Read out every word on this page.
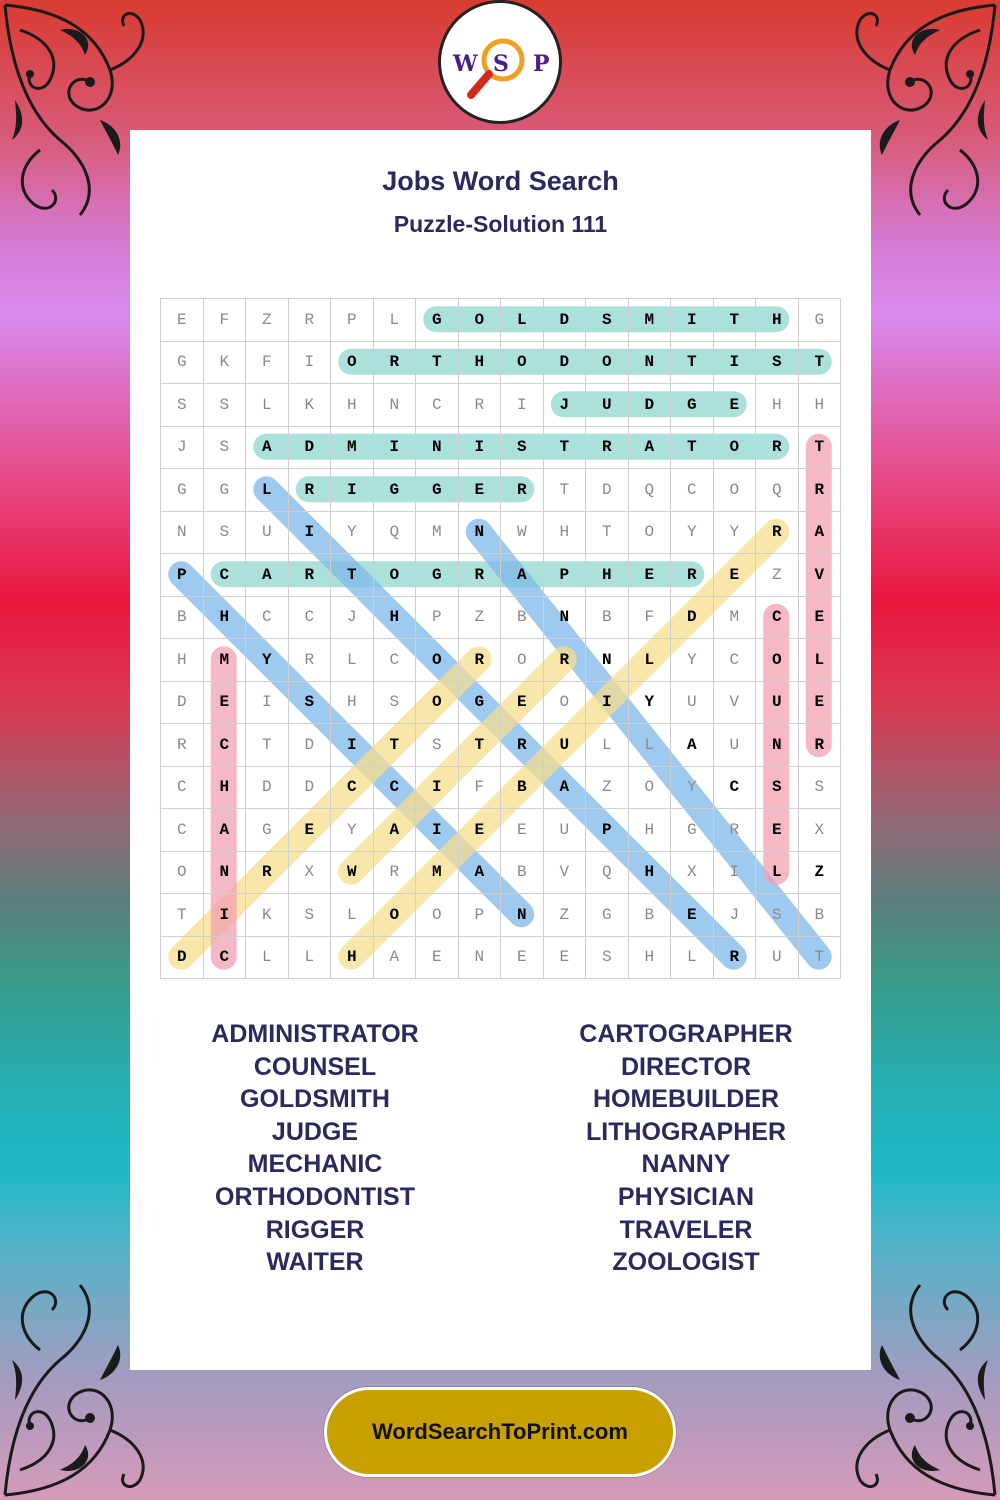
W S P
Jobs Word Search
Puzzle-Solution 111
E	F	Z	R	P	L	G	O	L	D	S	M	I	T	H	G
G	K	F	I	O	R	T	H	O	D	O	N	T	I	S	T
S	S	L	K	H	N	C	R	I	J	U	D	G	E	H	H
J	S	A	D	M	I	N	I	S	T	R	A	T	O	R	T
G	G	L	R	I	G	G	E	R	T	D	Q	C	O	Q	R
N	S	U	I	Y	Q	M	N	W	H	T	O	Y	Y	R	A
P	C	A	R	T	O	G	R	A	P	H	E	R	E	Z	V
B	H	C	C	J	H	P	Z	B	N	B	F	D	M	C	E
H	M	Y	R	L	C	O	R	O	R	N	L	Y	C	O	L
D	E	I	S	H	S	O	G	E	O	I	Y	U	V	U	E
R	C	T	D	I	T	S	T	R	U	L	L	A	U	N	R
C	H	D	D	C	C	I	F	B	A	Z	O	Y	C	S	S
C	A	G	E	Y	A	I	E	E	U	P	H	G	R	E	X
O	N	R	X	W	R	M	A	B	V	Q	H	X	I	L	Z
T	I	K	S	L	O	O	P	N	Z	G	B	E	J	S	B
D	C	L	L	H	A	E	N	E	E	S	H	L	R	U	T
ADMINISTRATOR
COUNSEL
GOLDSMITH
JUDGE
MECHANIC
ORTHODONTIST
RIGGER
WAITER
CARTOGRAPHER
DIRECTOR
HOMEBUILDER
LITHOGRAPHER
NANNY
PHYSICIAN
TRAVELER
ZOOLOGIST
WordSearchToPrint.com
